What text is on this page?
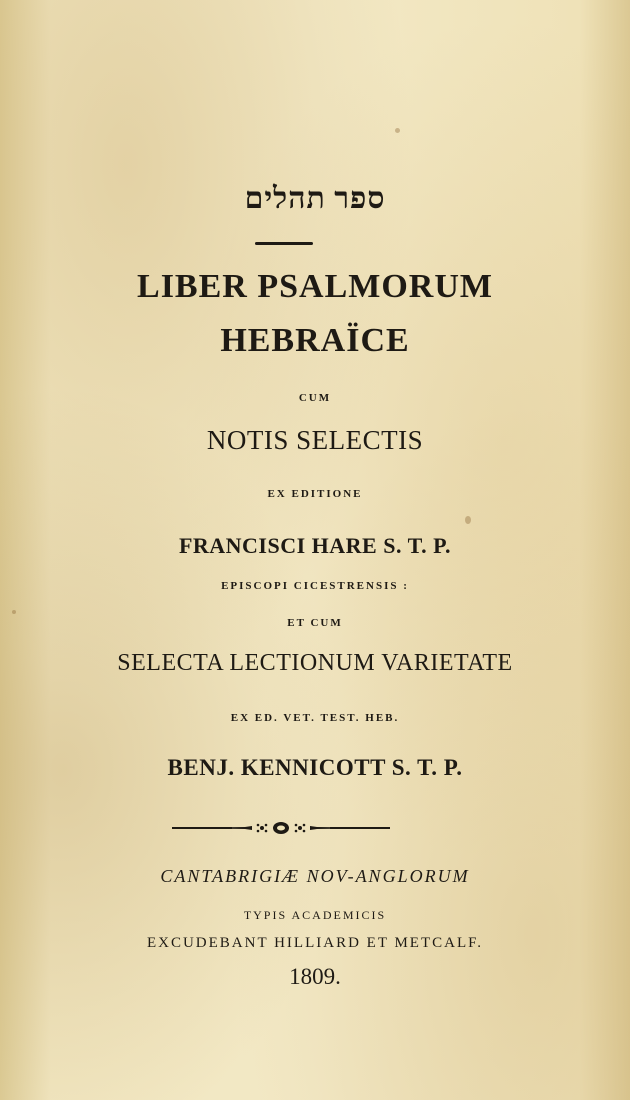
ספר תהלים
LIBER PSALMORUM
HEBRAÏCE
CUM
NOTIS SELECTIS
EX EDITIONE
FRANCISCI HARE S. T. P.
EPISCOPI CICESTRENSIS :
ET CUM
SELECTA LECTIONUM VARIETATE
EX ED. VET. TEST. HEB.
BENJ. KENNICOTT S. T. P.
CANTABRIGIÆ NOV-ANGLORUM
TYPIS ACADEMICIS
EXCUDEBANT HILLIARD ET METCALF.
1809.
